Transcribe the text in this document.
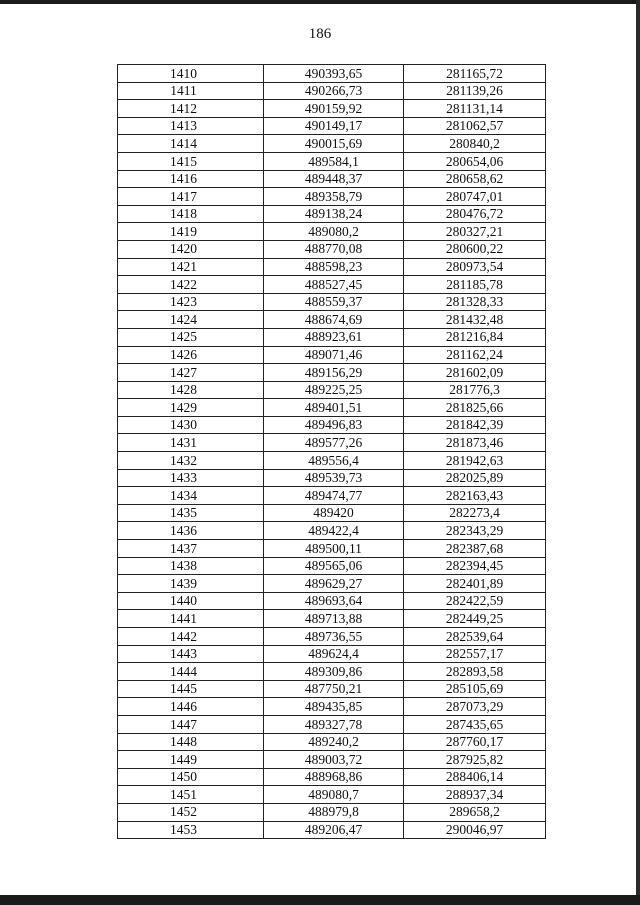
186
1410	490393,65	281165,72
1411	490266,73	281139,26
1412	490159,92	281131,14
1413	490149,17	281062,57
1414	490015,69	280840,2
1415	489584,1	280654,06
1416	489448,37	280658,62
1417	489358,79	280747,01
1418	489138,24	280476,72
1419	489080,2	280327,21
1420	488770,08	280600,22
1421	488598,23	280973,54
1422	488527,45	281185,78
1423	488559,37	281328,33
1424	488674,69	281432,48
1425	488923,61	281216,84
1426	489071,46	281162,24
1427	489156,29	281602,09
1428	489225,25	281776,3
1429	489401,51	281825,66
1430	489496,83	281842,39
1431	489577,26	281873,46
1432	489556,4	281942,63
1433	489539,73	282025,89
1434	489474,77	282163,43
1435	489420	282273,4
1436	489422,4	282343,29
1437	489500,11	282387,68
1438	489565,06	282394,45
1439	489629,27	282401,89
1440	489693,64	282422,59
1441	489713,88	282449,25
1442	489736,55	282539,64
1443	489624,4	282557,17
1444	489309,86	282893,58
1445	487750,21	285105,69
1446	489435,85	287073,29
1447	489327,78	287435,65
1448	489240,2	287760,17
1449	489003,72	287925,82
1450	488968,86	288406,14
1451	489080,7	288937,34
1452	488979,8	289658,2
1453	489206,47	290046,97
